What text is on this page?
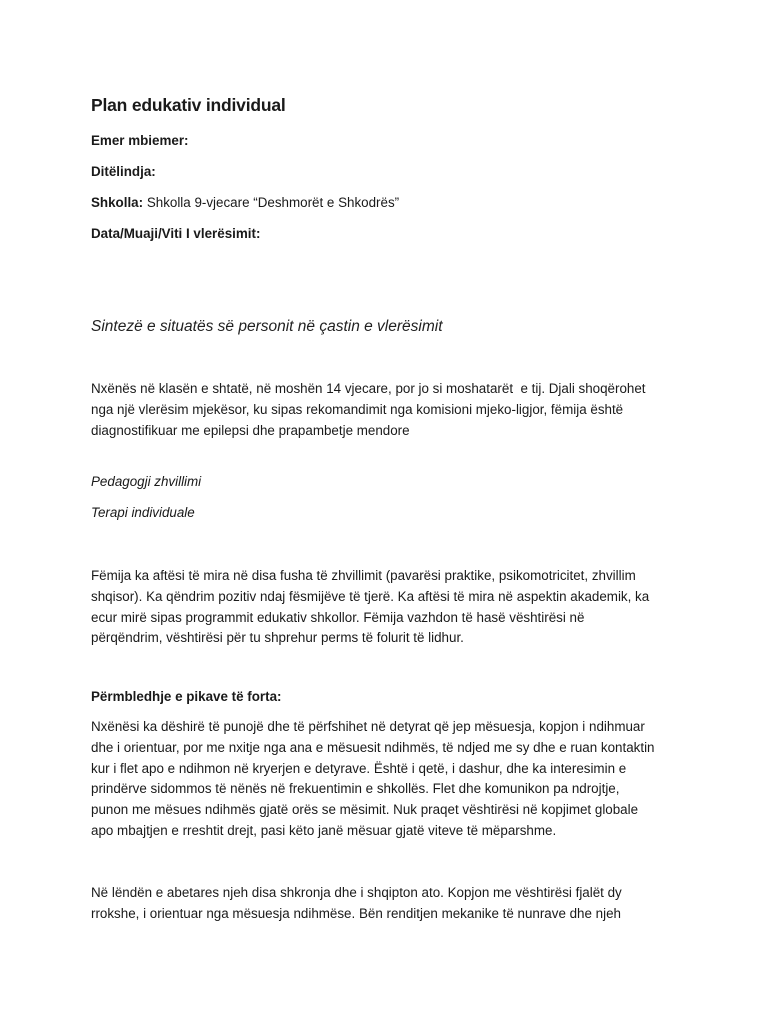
Plan edukativ individual
Emer mbiemer:
Ditëlindja:
Shkolla: Shkolla 9-vjecare “Deshmorët e Shkodrës”
Data/Muaji/Viti I vlerësimit:
Sintezë e situatës së personit në çastin e vlerësimit
Nxënës në klasën e shtatë, në moshën 14 vjecare, por jo si moshatarët  e tij. Djali shoqërohet
nga një vlerësim mjekësor, ku sipas rekomandimit nga komisioni mjeko-ligjor, fëmija është
diagnostifikuar me epilepsi dhe prapambetje mendore
Pedagogji zhvillimi
Terapi individuale
Fëmija ka aftësi të mira në disa fusha të zhvillimit (pavarësi praktike, psikomotricitet, zhvillim
shqisor). Ka qëndrim pozitiv ndaj fësmijëve të tjerë. Ka aftësi të mira në aspektin akademik, ka
ecur mirë sipas programmit edukativ shkollor. Fëmija vazhdon të hasë vështirësi në
përqëndrim, vështirësi për tu shprehur perms të folurit të lidhur.
Përmbledhje e pikave të forta:
Nxënësi ka dëshirë të punojë dhe të përfshihet në detyrat që jep mësuesja, kopjon i ndihmuar
dhe i orientuar, por me nxitje nga ana e mësuesit ndihmës, të ndjed me sy dhe e ruan kontaktin
kur i flet apo e ndihmon në kryerjen e detyrave. Është i qetë, i dashur, dhe ka interesimin e
prindërve sidommos të nënës në frekuentimin e shkollës. Flet dhe komunikon pa ndrojtje,
punon me mësues ndihmës gjatë orës se mësimit. Nuk praqet vështirësi në kopjimet globale
apo mbajtjen e rreshtit drejt, pasi këto janë mësuar gjatë viteve të mëparshme.
Në lëndën e abetares njeh disa shkronja dhe i shqipton ato. Kopjon me vështirësi fjalët dy
rrokshe, i orientuar nga mësuesja ndihmëse. Bën renditjen mekanike të nunrave dhe njeh
